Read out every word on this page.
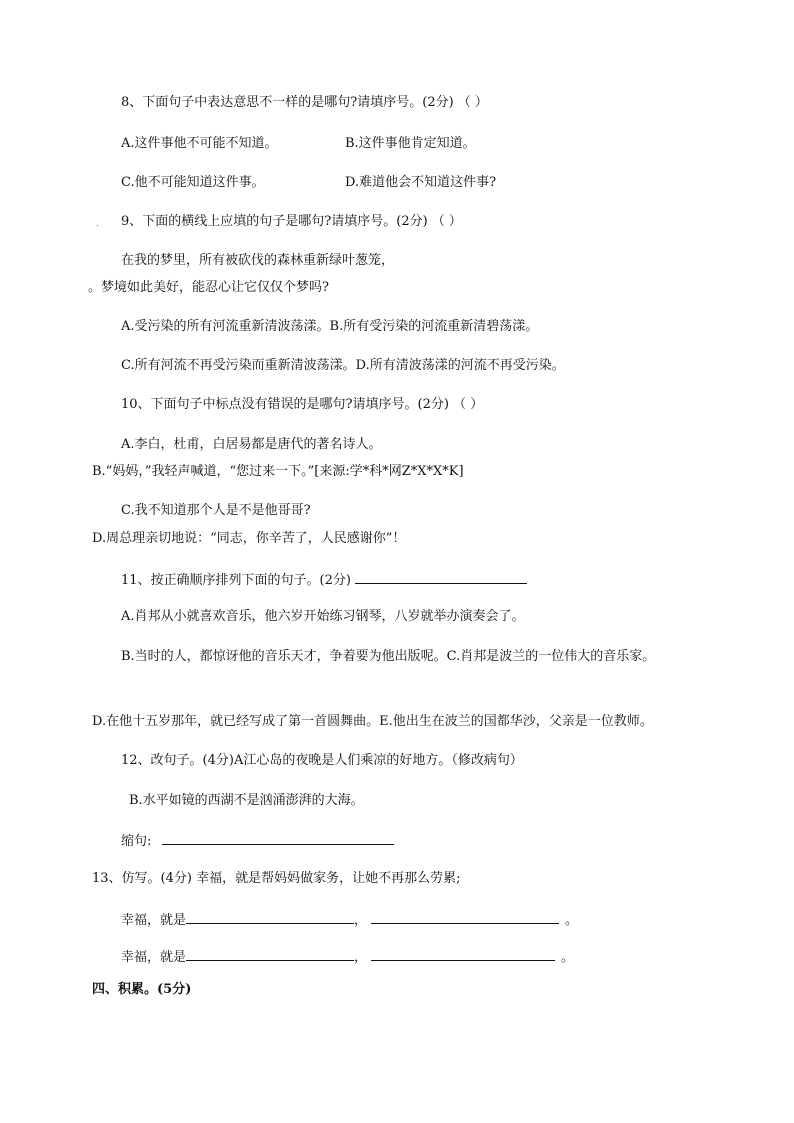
8、下面句子中表达意思不一样的是哪句?请填序号。(2分) （ ）
A.这件事他不可能不知道。	B.这件事他肯定知道。
C.他不可能知道这件事。	D.难道他会不知道这件事?
. 9、下面的横线上应填的句子是哪句?请填序号。(2分) （ ）
在我的梦里，所有被砍伐的森林重新绿叶葱笼，
。梦境如此美好，能忍心让它仅仅个梦吗?
A.受污染的所有河流重新清波荡漾。B.所有受污染的河流重新清碧荡漾。
C.所有河流不再受污染而重新清波荡漾。D.所有清波荡漾的河流不再受污染。
10、下面句子中标点没有错误的是哪句?请填序号。(2分) （ ）
A.李白，杜甫，白居易都是唐代的著名诗人。
B.“妈妈，”我轻声喊道，“您过来一下。”[来源:学*科*网Z*X*X*K]
C.我不知道那个人是不是他哥哥?
D.周总理亲切地说：“同志，你辛苦了，人民感谢你”！
11、按正确顺序排列下面的句子。(2分)
A.肖邦从小就喜欢音乐，他六岁开始练习钢琴，八岁就举办演奏会了。
B.当时的人，都惊讶他的音乐天才，争着要为他出版呢。C.肖邦是波兰的一位伟大的音乐家。
D.在他十五岁那年，就已经写成了第一首圆舞曲。E.他出生在波兰的国都华沙，父亲是一位教师。
12、改句子。(4分)A江心岛的夜晚是人们乘凉的好地方。（修改病句）
B.水平如镜的西湖不是汹涌澎湃的大海。
缩句:
13、仿写。(4分) 幸福，就是帮妈妈做家务，让她不再那么劳累;
幸福，就是	，	。
幸福，就是	，	。
四、积累。(5分)
